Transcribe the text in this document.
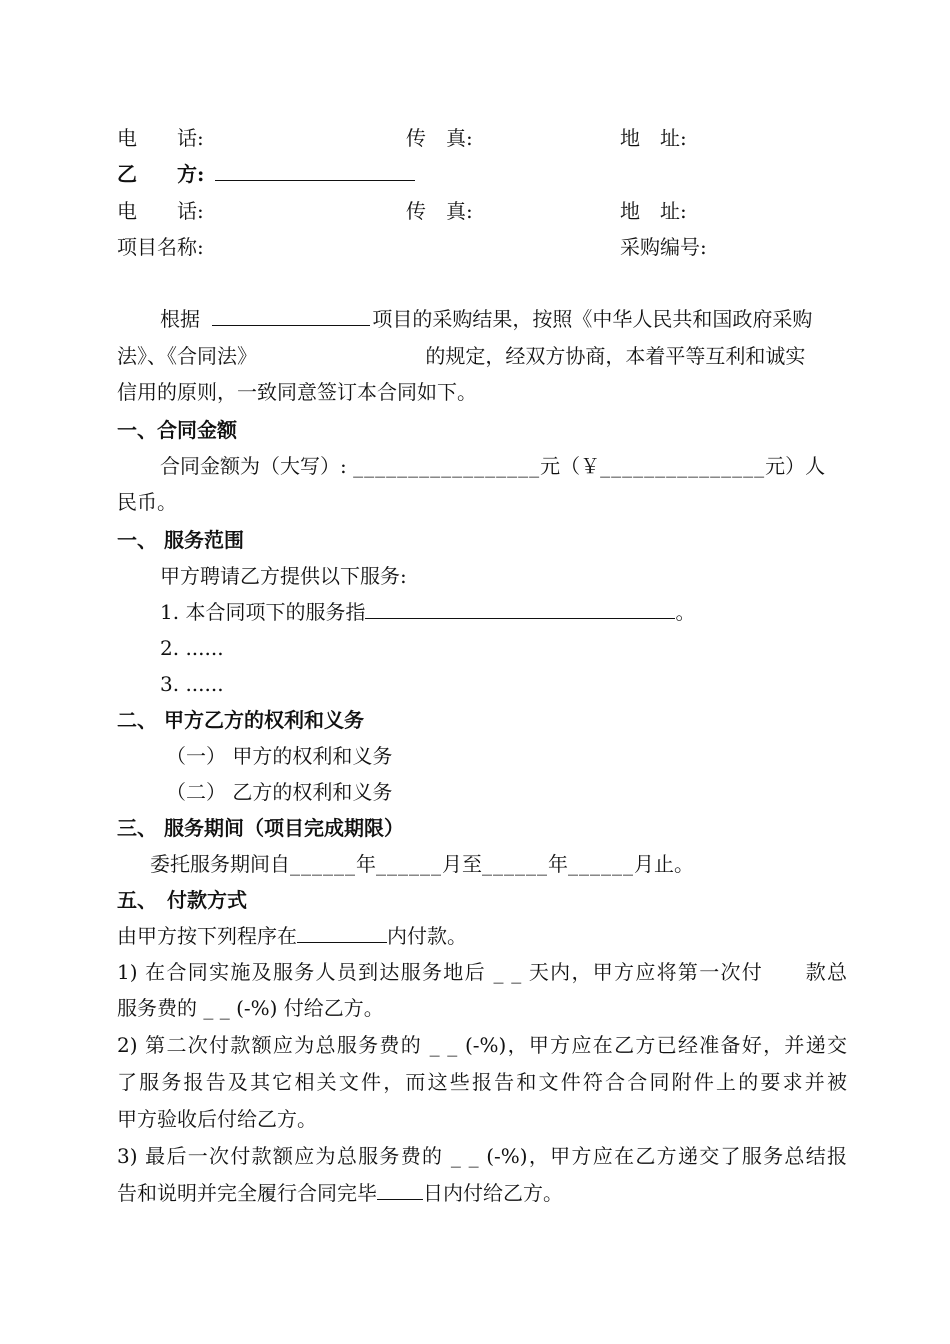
电　　话:	传　真:	地　址:
乙　　方:
电　　话:	传　真:	地　址:
项目名称:	采购编号:
根据	项目的采购结果，按照《中华人民共和国政府采购
法》、《合同法》	的规定，经双方协商，本着平等互利和诚实
信用的原则，一致同意签订本合同如下。
一、合同金额
合同金额为（大写）: _________________元（￥_______________元）人
民币。
一、 服务范围
甲方聘请乙方提供以下服务:
1. 本合同项下的服务指	。
2. ......
3. ......
二、 甲方乙方的权利和义务
（一） 甲方的权利和义务
（二） 乙方的权利和义务
三、 服务期间（项目完成期限）
委托服务期间自______年______月至______年______月止。
五、　付款方式
由甲方按下列程序在	内付款。
1) 在合同实施及服务人员到达服务地后 _ _ 天内，甲方应将第一次付　　款总
服务费的 _ _ (-%) 付给乙方。
2) 第二次付款额应为总服务费的 _ _ (-%)，甲方应在乙方已经准备好，并递交
了服务报告及其它相关文件，而这些报告和文件符合合同附件上的要求并被
甲方验收后付给乙方。
3) 最后一次付款额应为总服务费的 _ _ (-%)，甲方应在乙方递交了服务总结报
告和说明并完全履行合同完毕 日内付给乙方。
